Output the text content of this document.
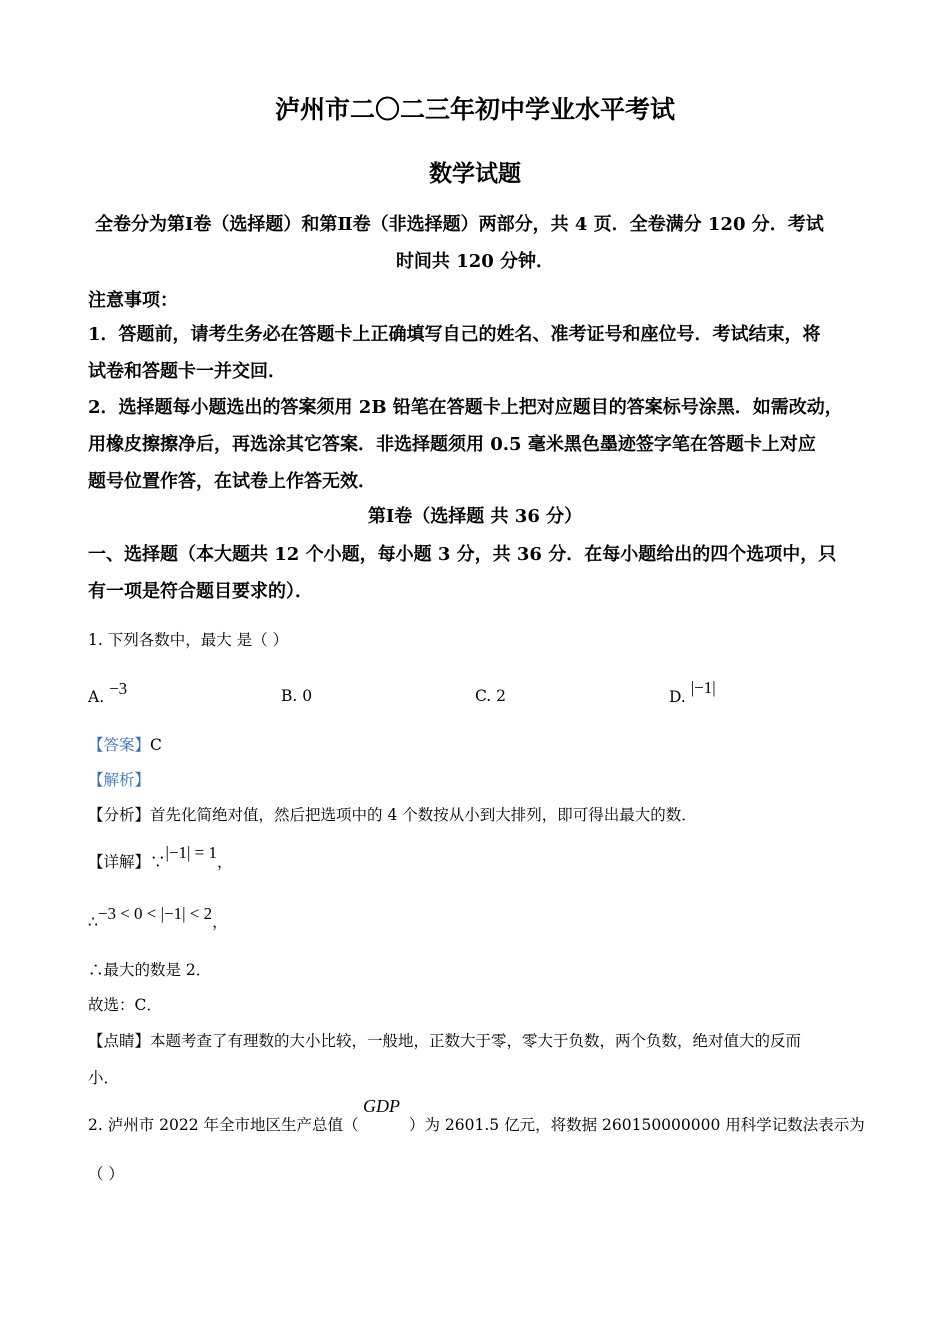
泸州市二〇二三年初中学业水平考试
数学试题
全卷分为第Ⅰ卷（选择题）和第Ⅱ卷（非选择题）两部分，共 4 页．全卷满分 120 分．考试
时间共 120 分钟．
注意事项：
1．答题前，请考生务必在答题卡上正确填写自己的姓名、准考证号和座位号．考试结束，将
试卷和答题卡一并交回．
2．选择题每小题选出的答案须用 2B 铅笔在答题卡上把对应题目的答案标号涂黑．如需改动，
用橡皮擦擦净后，再选涂其它答案．非选择题须用 0.5 毫米黑色墨迹签字笔在答题卡上对应
题号位置作答，在试卷上作答无效．
第Ⅰ卷（选择题 共 36 分）
一、选择题（本大题共 12 个小题，每小题 3 分，共 36 分．在每小题给出的四个选项中，只
有一项是符合题目要求的）．
1. 下列各数中，最大 是（ ）
A. −3	B. 0	C. 2	D. |−1|
【答案】C
【解析】
【分析】首先化简绝对值，然后把选项中的 4 个数按从小到大排列，即可得出最大的数．
【详解】∵|−1| = 1，
∴−3 < 0 < |−1| < 2，
∴最大的数是 2．
故选：C．
【点睛】本题考查了有理数的大小比较，一般地，正数大于零，零大于负数，两个负数，绝对值大的反而
小．
GDP
2. 泸州市 2022 年全市地区生产总值（	）为 2601.5 亿元，将数据 260150000000 用科学记数法表示为
（ ）
